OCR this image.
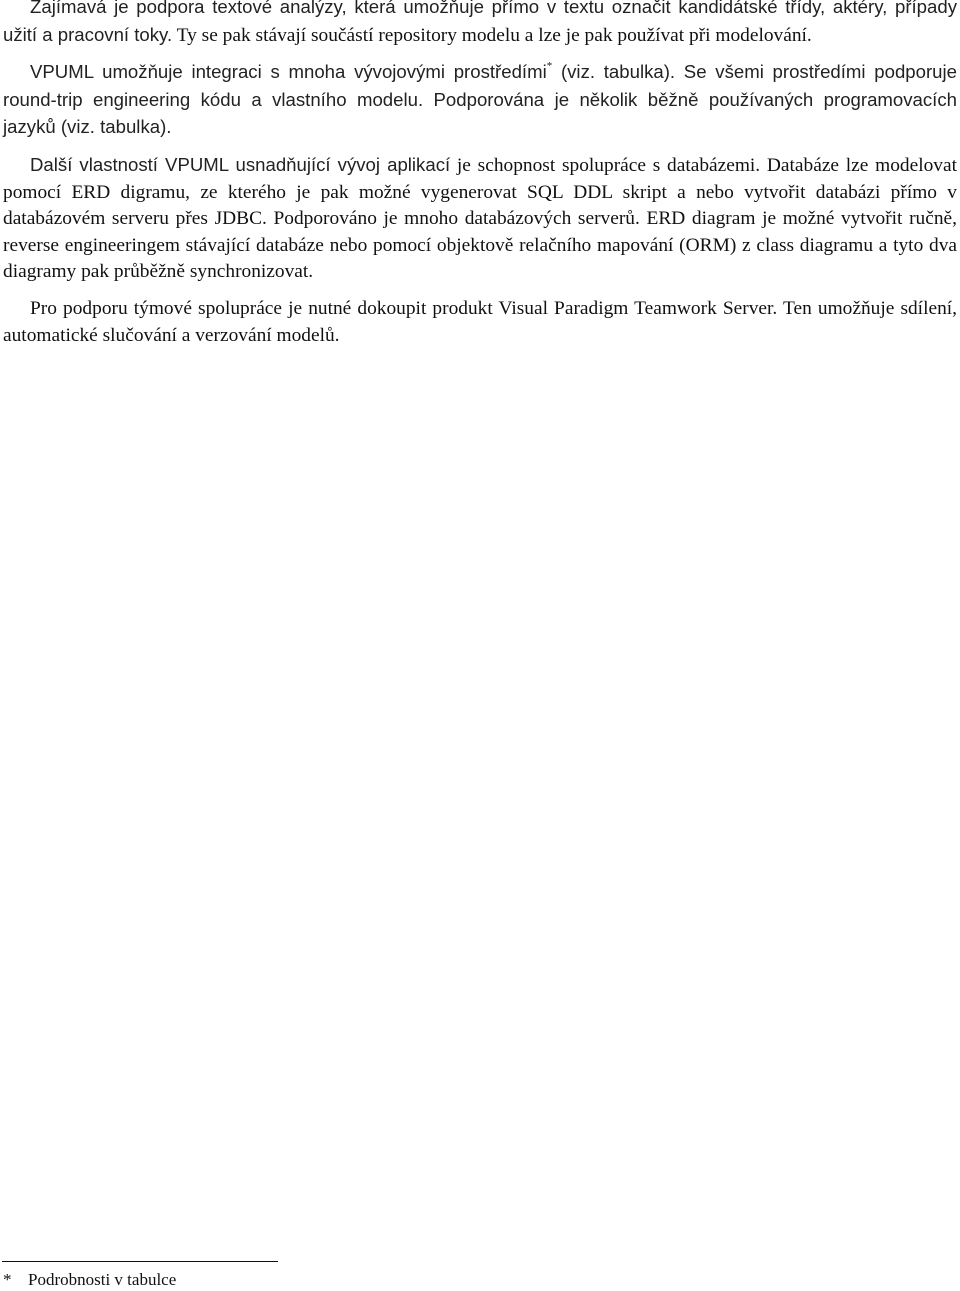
Zajímavá je podpora textové analýzy, která umožňuje přímo v textu označit kandidátské třídy, aktéry, případy užití a pracovní toky. Ty se pak stávají součástí repository modelu a lze je pak používat při modelování.

VPUML umožňuje integraci s mnoha vývojovými prostředími* (viz. tabulka). Se všemi prostředími podporuje round-trip engineering kódu a vlastního modelu. Podporována je několik běžně používaných programovacích jazyků (viz. tabulka).

Další vlastností VPUML usnadňující vývoj aplikací je schopnost spolupráce s databázemi. Databáze lze modelovat pomocí ERD digramu, ze kterého je pak možné vygenerovat SQL DDL skript a nebo vytvořit databázi přímo v databázovém serveru přes JDBC. Podporováno je mnoho databázových serverů. ERD diagram je možné vytvořit ručně, reverse engineeringem stávající databáze nebo pomocí objektově relačního mapování (ORM) z class diagramu a tyto dva diagramy pak průběžně synchronizovat.

Pro podporu týmové spolupráce je nutné dokoupit produkt Visual Paradigm Teamwork Server. Ten umožňuje sdílení, automatické slučování a verzování modelů.

* Podrobnosti v tabulce
